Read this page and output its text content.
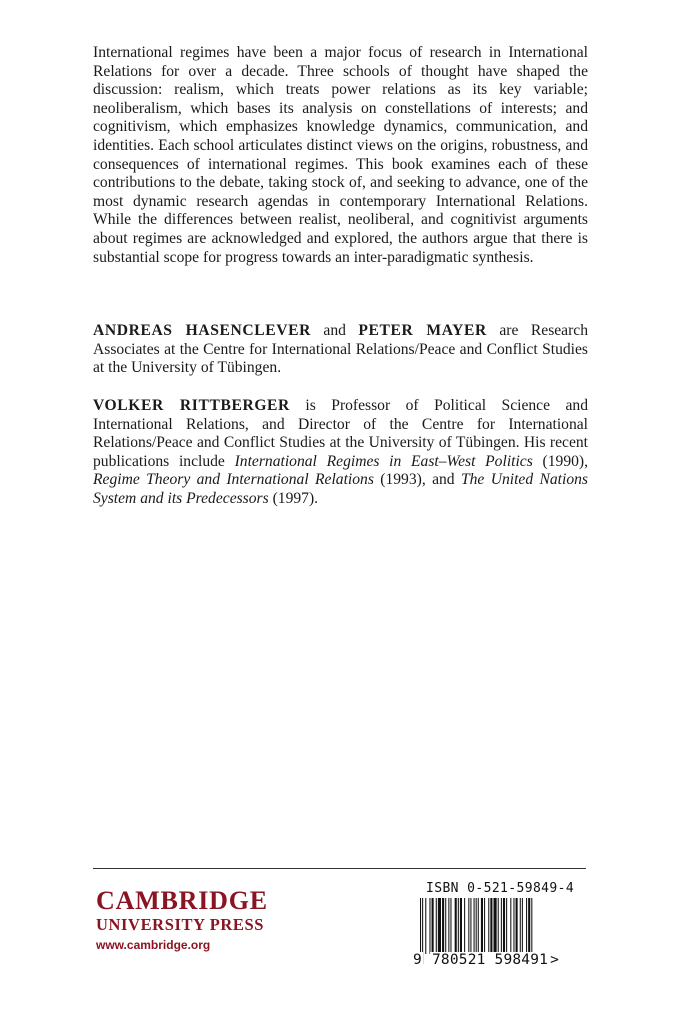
International regimes have been a major focus of research in International Relations for over a decade. Three schools of thought have shaped the discussion: realism, which treats power relations as its key variable; neoliberalism, which bases its analysis on constellations of interests; and cognitivism, which emphasizes knowledge dynamics, communication, and identities. Each school articulates distinct views on the origins, robustness, and consequences of international regimes. This book examines each of these contributions to the debate, taking stock of, and seeking to advance, one of the most dynamic research agendas in contemporary International Relations. While the differences between realist, neoliberal, and cognitivist arguments about regimes are acknowledged and explored, the authors argue that there is substantial scope for progress towards an inter-paradigmatic synthesis.
ANDREAS HASENCLEVER and PETER MAYER are Research Associates at the Centre for International Relations/Peace and Conflict Studies at the University of Tübingen.
VOLKER RITTBERGER is Professor of Political Science and International Relations, and Director of the Centre for International Relations/Peace and Conflict Studies at the University of Tübingen. His recent publications include International Regimes in East–West Politics (1990), Regime Theory and International Relations (1993), and The United Nations System and its Predecessors (1997).
CAMBRIDGE
UNIVERSITY PRESS
www.cambridge.org
ISBN 0-521-59849-4
9 780521 598491 >
